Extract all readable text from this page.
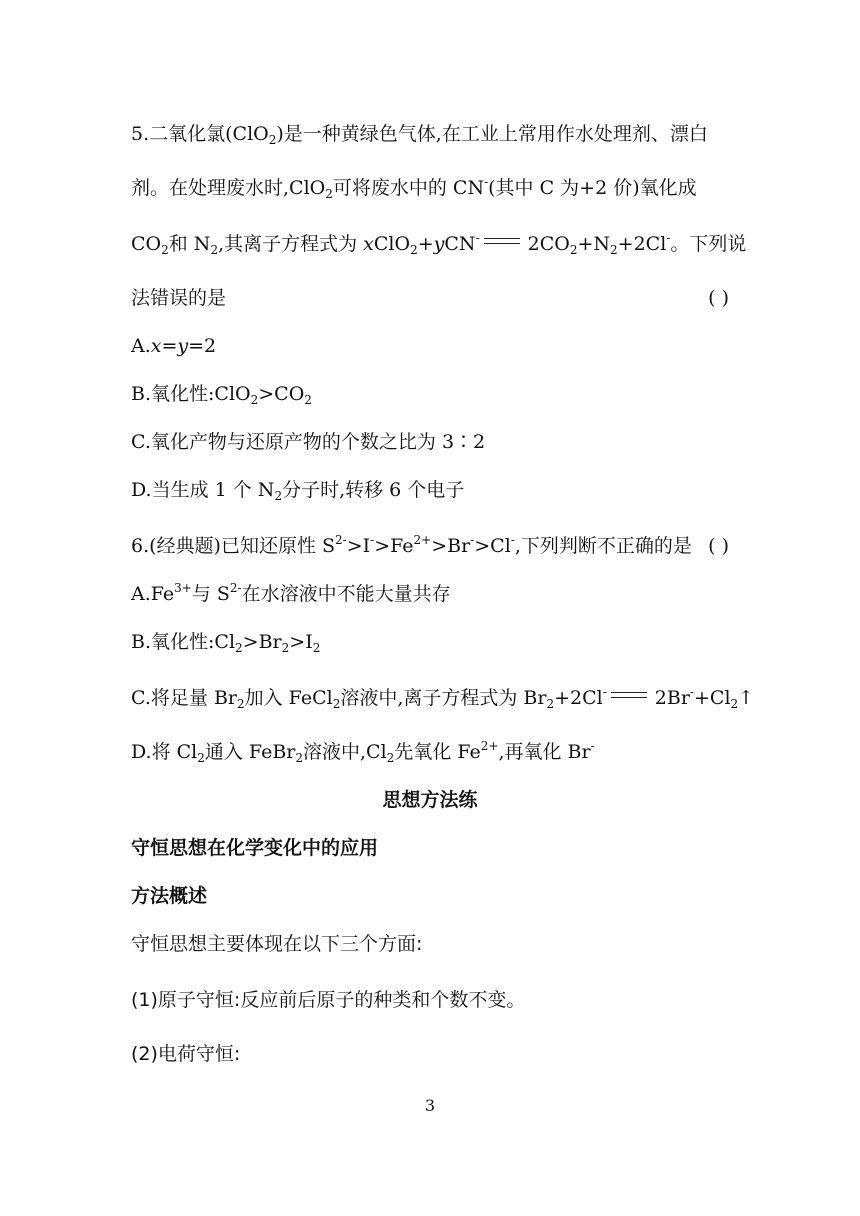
5.二氧化氯(ClO$_2$)是一种黄绿色气体,在工业上常用作水处理剂、漂白
剂。在处理废水时,ClO$_2$可将废水中的 CN-(其中 C 为+2 价)氧化成
$CO_2$和 $N_2$,其离子方程式为 xClO$_2$+yCN-	$2CO_2+N_2+2Cl^-$。下列说
法错误的是	( )
A.x=y=2
B.氧化性$:ClO_2>CO_2$
C.氧化产物与还原产物的个数之比为 3∶2
D.当生成 1 个 $N_2$分子时,转移 6 个电子
6.(经典题)已知还原性 $S^{2-}>I^->Fe^{2+}>Br^->Cl^-$,下列判断不正确的是 ( )
$A.Fe^{3+}$与 $S^{2-}$在水溶液中不能大量共存
B.氧化性$:Cl_2>Br_2>I_2$
C.将足量 $Br_2$加入 FeCl$_2$溶液中,离子方程式为 $Br_2+2Cl^-$	$2Br^-+Cl_2↑$
D.将 $Cl_2$通入 FeBr$_2$溶液中$,Cl_2$先氧化 $Fe^{2+}$,再氧化 Br-
思想方法练
守恒思想在化学变化中的应用
方法概述
守恒思想主要体现在以下三个方面:
(1)原子守恒:反应前后原子的种类和个数不变。
(2)电荷守恒:
3
